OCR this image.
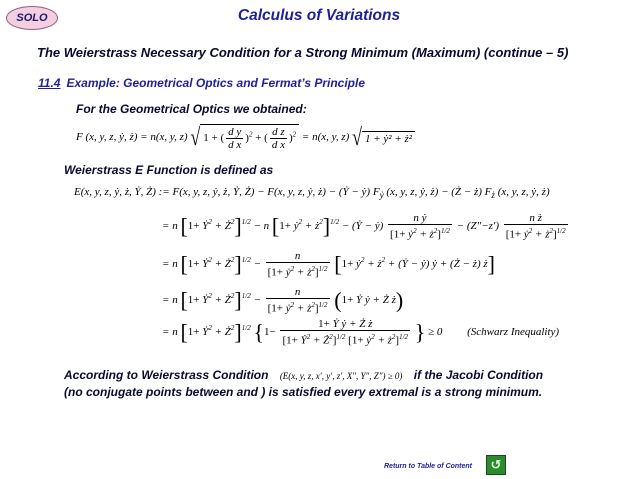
SOLO	Calculus of Variations
The Weierstrass Necessary Condition for a Strong Minimum (Maximum) (continue – 5)
11.4 Example: Geometrical Optics and Fermat’s Principle
For the Geometrical Optics we obtained:
F (x, y, z, ẏ, ż) = n(x, y, z) √ 1 + ( $\frac{\text{d y}}{\text{d x}} )^2$ + ( $\frac{\text{d z}}{\text{d x}} )^2 = n(x$, y, z) √ 1 + ẏ² + ż²
Weierstrass E Function is defined as
E(x, y, z, ẏ, ż, Ẏ, Ż) := F(x, y, z, ẏ, ż, Ẏ, Ż) − F(x, y, z, ẏ, ż) − (Ẏ − ẏ) $F_ẏ$ (x, y, z, ẏ, ż) − (Ż − ż) $F_ż$ (x, y, z, ẏ, ż)
= n [1+ Ẏ$^2$ + $Ż^2]^{1/2} - n$ [1+ ẏ$^2$ + $ż^2]^{1/2}$ − (Ẏ − ẏ) $\frac{\text{n ẏ}}{[1+ ẏ^2 + ż^2]^{1/2}} - (Z''-z') \frac{\text{n ż}}{[1+ ẏ^2 + ż^2]^{1/2}}$
= n [1+ Ẏ$^2$ + $Ż^2]^{1/2} - \frac{n}{[1+ ẏ^2 + ż^2]^{1/2}} [1+$ ẏ$^2$ + $ż^2$ + (Ẏ − ẏ) ẏ + (Ż − ż) ż]
= n [1+ Ẏ$^2$ + $Ż^2]^{1/2} - \frac{n}{[1+ ẏ^2 + ż^2]^{1/2}} (1+$ Ẏ ẏ + Ż ż)
= n [1+ Ẏ$^2$ + $Ż^2]^{1/2}$ {$1- \frac{\text{1+ Ẏ ẏ + Ż ż}}{[1+ Ẏ^2 + Ż^2]^{1/2} [1+ ẏ^2 + ż^2]^{1/2}}$ } ≥ 0 (Schwarz Inequality)
According to Weierstrass Condition (E(x, y, z, x′, y′, z′, X″, Y″, Z″) ≥ 0) if the Jacobi Condition
(no conjugate points between and ) is satisfied every extremal is a strong minimum.
Return to Table of Content	↺
